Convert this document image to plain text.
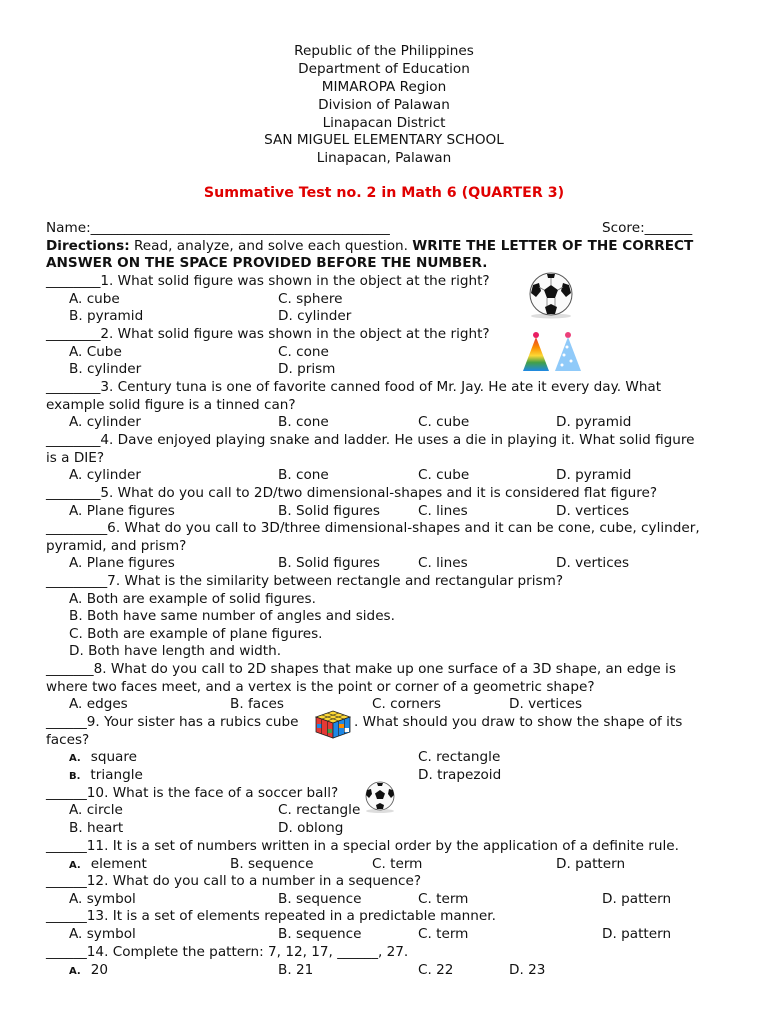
Republic of the Philippines
Department of Education
MIMAROPA Region
Division of Palawan
Linapacan District
SAN MIGUEL ELEMENTARY SCHOOL
Linapacan, Palawan
Summative Test no. 2 in Math 6 (QUARTER 3)
Name:____________________________________________	Score:_______
Directions: Read, analyze, and solve each question. WRITE THE LETTER OF THE CORRECT
ANSWER ON THE SPACE PROVIDED BEFORE THE NUMBER.
________1. What solid figure was shown in the object at the right?
A. cube	C. sphere
B. pyramid	D. cylinder
________2. What solid figure was shown in the object at the right?
A. Cube	C. cone
B. cylinder	D. prism
________3. Century tuna is one of favorite canned food of Mr. Jay. He ate it every day. What
example solid figure is a tinned can?
A. cylinder	B. cone	C. cube	D. pyramid
________4. Dave enjoyed playing snake and ladder. He uses a die in playing it. What solid figure
is a DIE?
A. cylinder	B. cone	C. cube	D. pyramid
________5. What do you call to 2D/two dimensional-shapes and it is considered flat figure?
A. Plane figures	B. Solid figures	C. lines	D. vertices
_________6. What do you call to 3D/three dimensional-shapes and it can be cone, cube, cylinder,
pyramid, and prism?
A. Plane figures	B. Solid figures	C. lines	D. vertices
_________7. What is the similarity between rectangle and rectangular prism?
A. Both are example of solid figures.
B. Both have same number of angles and sides.
C. Both are example of plane figures.
D. Both have length and width.
_______8. What do you call to 2D shapes that make up one surface of a 3D shape, an edge is
where two faces meet, and a vertex is the point or corner of a geometric shape?
A. edges	B. faces	C. corners	D. vertices
______9. Your sister has a rubics cube	. What should you draw to show the shape of its
faces?
A. square	C. rectangle
B. triangle	D. trapezoid
______10. What is the face of a soccer ball?
A. circle	C. rectangle
B. heart	D. oblong
______11. It is a set of numbers written in a special order by the application of a definite rule.
A. element	B. sequence	C. term	D. pattern
______12. What do you call to a number in a sequence?
A. symbol	B. sequence	C. term	D. pattern
______13. It is a set of elements repeated in a predictable manner.
A. symbol	B. sequence	C. term	D. pattern
______14. Complete the pattern: 7, 12, 17, ______, 27.
A. 20	B. 21	C. 22	D. 23
